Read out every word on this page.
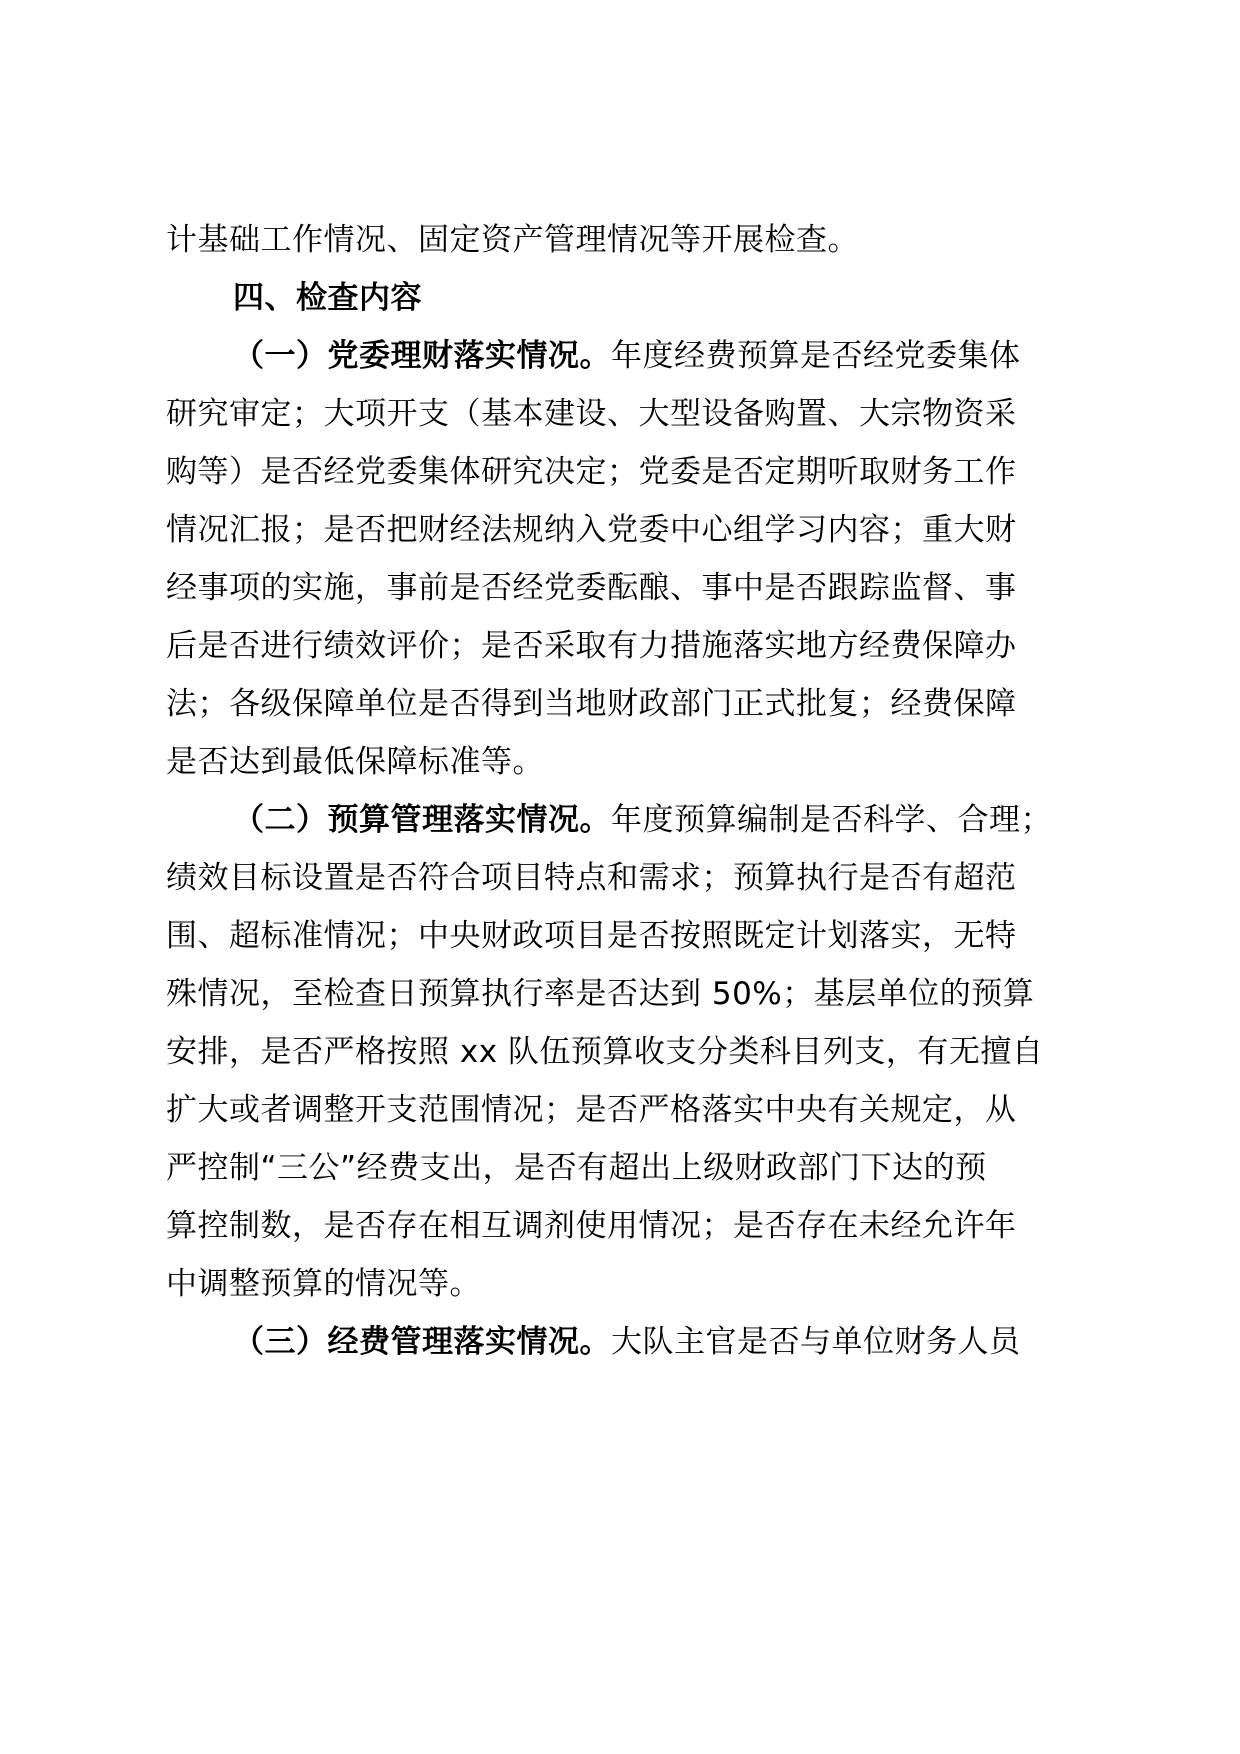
计基础工作情况、固定资产管理情况等开展检查。
四、检查内容
（一）党委理财落实情况。年度经费预算是否经党委集体
研究审定；大项开支（基本建设、大型设备购置、大宗物资采
购等）是否经党委集体研究决定；党委是否定期听取财务工作
情况汇报；是否把财经法规纳入党委中心组学习内容；重大财
经事项的实施，事前是否经党委酝酿、事中是否跟踪监督、事
后是否进行绩效评价；是否采取有力措施落实地方经费保障办
法；各级保障单位是否得到当地财政部门正式批复；经费保障
是否达到最低保障标准等。
（二）预算管理落实情况。年度预算编制是否科学、合理；
绩效目标设置是否符合项目特点和需求；预算执行是否有超范
围、超标准情况；中央财政项目是否按照既定计划落实，无特
殊情况，至检查日预算执行率是否达到 50%；基层单位的预算
安排，是否严格按照 xx 队伍预算收支分类科目列支，有无擅自
扩大或者调整开支范围情况；是否严格落实中央有关规定，从
严控制“三公”经费支出，是否有超出上级财政部门下达的预
算控制数，是否存在相互调剂使用情况；是否存在未经允许年
中调整预算的情况等。
（三）经费管理落实情况。大队主官是否与单位财务人员
